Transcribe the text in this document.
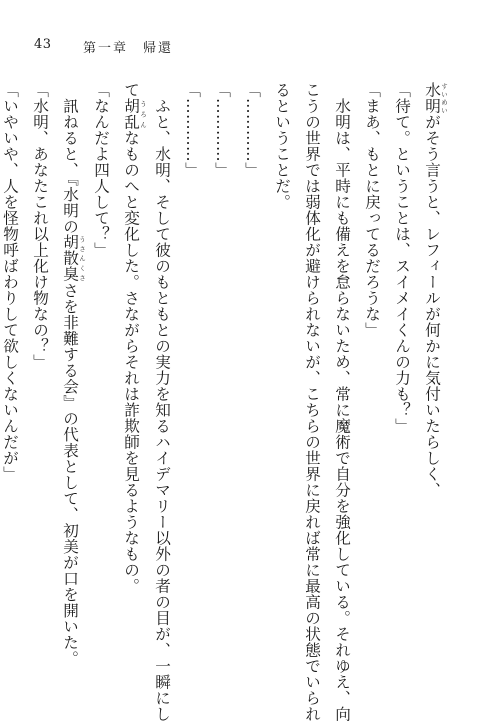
43 第一章　帰還
水明 すいめいがそう言うと、レフィールが何かに気付いたらしく、
「待て。ということは、スイメイくんの力も？」
「まあ、もとに戻ってるだろうな」
　水明は、平時にも備えを怠らないため、常に魔術で自分を強化している。それゆえ、向
こうの世界では弱体化が避けられないが、こちらの世界に戻れば常に最高の状態でいられ
るということだ。
「…………」
「…………」
「…………」
　ふと、水明、そして彼のもともとの実力を知るハイデマリー以外の者の目が、一瞬にし
て胡乱 うろんなものへと変化した。さながらそれは詐欺師を見るようなもの。
「なんだよ四人して？」
　訊ねると、『水明の胡散臭 うさんくささを非難する会』の代表として、初美が口を開いた。
「水明、あなたこれ以上化け物なの？」
「いやいや、人を怪物呼ばわりして欲しくないんだが」
